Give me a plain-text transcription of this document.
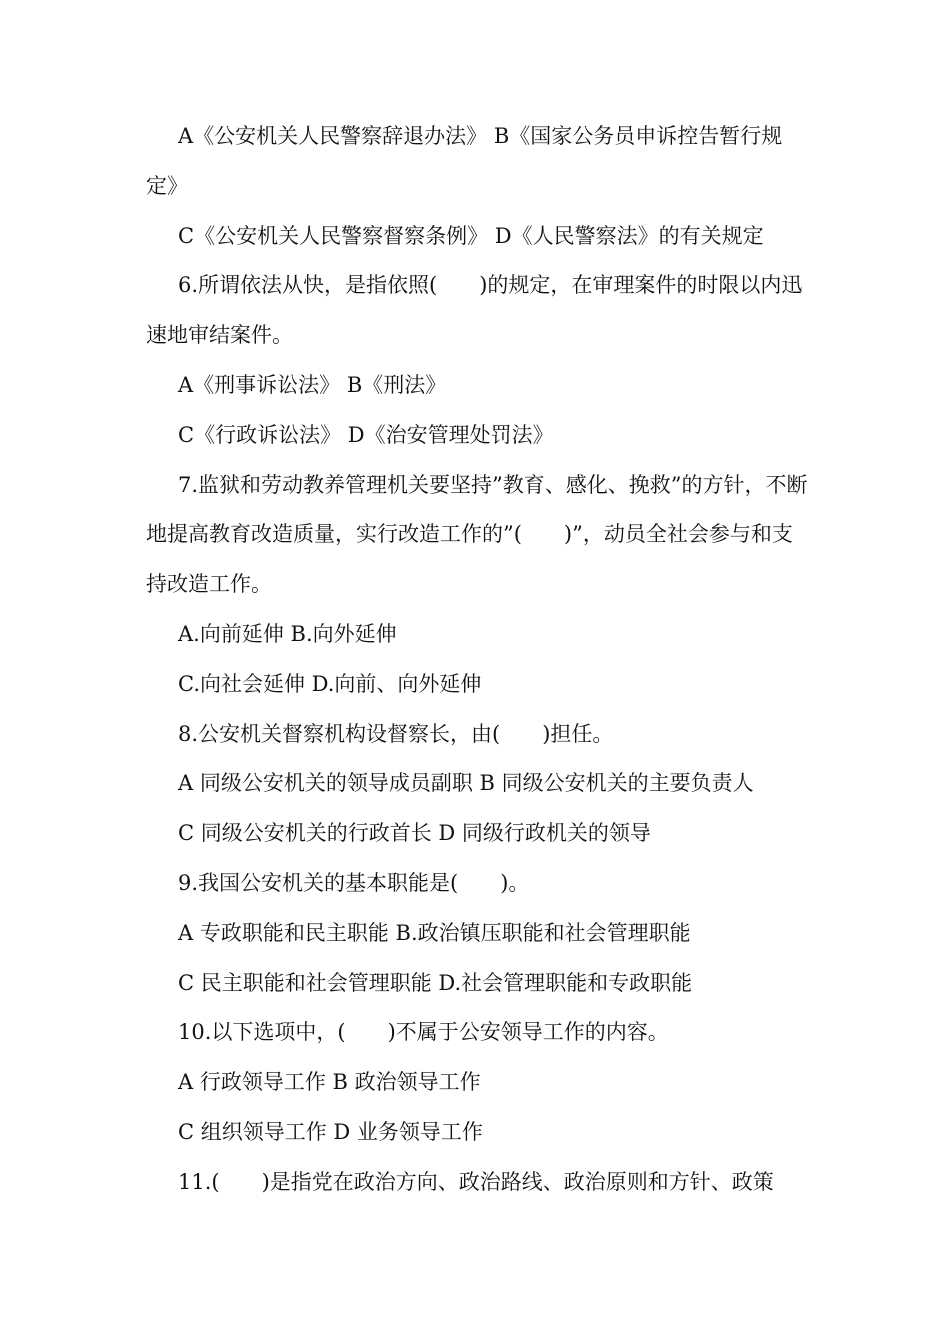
A《公安机关人民警察辞退办法》 B《国家公务员申诉控告暂行规定》

C《公安机关人民警察督察条例》 D《人民警察法》的有关规定

6.所谓依法从快，是指依照(　　)的规定，在审理案件的时限以内迅速地审结案件。

A《刑事诉讼法》 B《刑法》

C《行政诉讼法》 D《治安管理处罚法》

7.监狱和劳动教养管理机关要坚持”教育、感化、挽救”的方针，不断地提高教育改造质量，实行改造工作的”(　　)”，动员全社会参与和支持改造工作。

A.向前延伸 B.向外延伸

C.向社会延伸 D.向前、向外延伸

8.公安机关督察机构设督察长，由(　　)担任。

A 同级公安机关的领导成员副职 B 同级公安机关的主要负责人

C 同级公安机关的行政首长 D 同级行政机关的领导

9.我国公安机关的基本职能是(　　)。

A 专政职能和民主职能 B.政治镇压职能和社会管理职能

C 民主职能和社会管理职能 D.社会管理职能和专政职能

10.以下选项中，(　　)不属于公安领导工作的内容。

A 行政领导工作 B 政治领导工作

C 组织领导工作 D 业务领导工作

11.(　　)是指党在政治方向、政治路线、政治原则和方针、政策
